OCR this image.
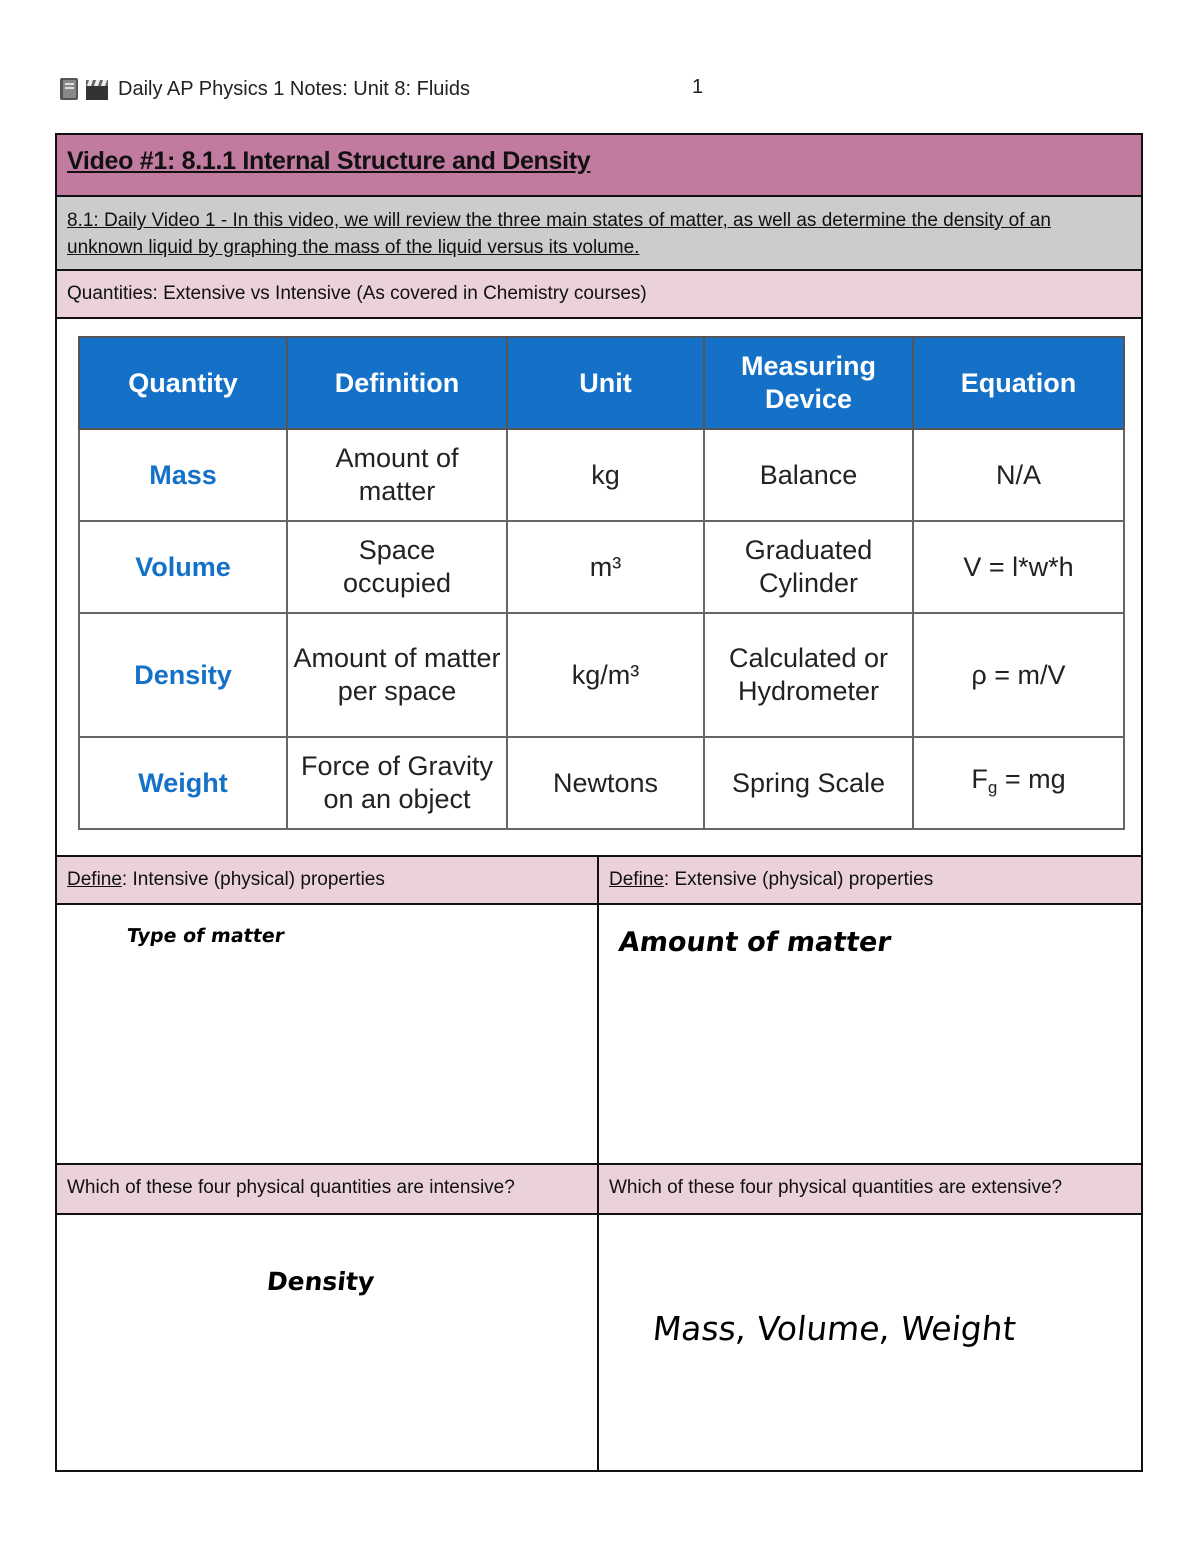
Daily AP Physics 1 Notes: Unit 8: Fluids	1
Video #1: 8.1.1 Internal Structure and Density
8.1: Daily Video 1 - In this video, we will review the three main states of matter, as well as determine the density of an unknown liquid by graphing the mass of the liquid versus its volume.
Quantities: Extensive vs Intensive (As covered in Chemistry courses)
Quantity	Definition	Unit	Measuring Device	Equation
Mass	Amount of matter	kg	Balance	N/A
Volume	Space occupied	m³	Graduated Cylinder	V = l*w*h
Density	Amount of matter per space	kg/m³	Calculated or Hydrometer	ρ = m/V
Weight	Force of Gravity on an object	Newtons	Spring Scale	$F_g$ = mg
Define: Intensive (physical) properties	Define: Extensive (physical) properties
Type of matter	Amount of matter
Which of these four physical quantities are intensive?	Which of these four physical quantities are extensive?
Density
Mass, Volume, Weight
